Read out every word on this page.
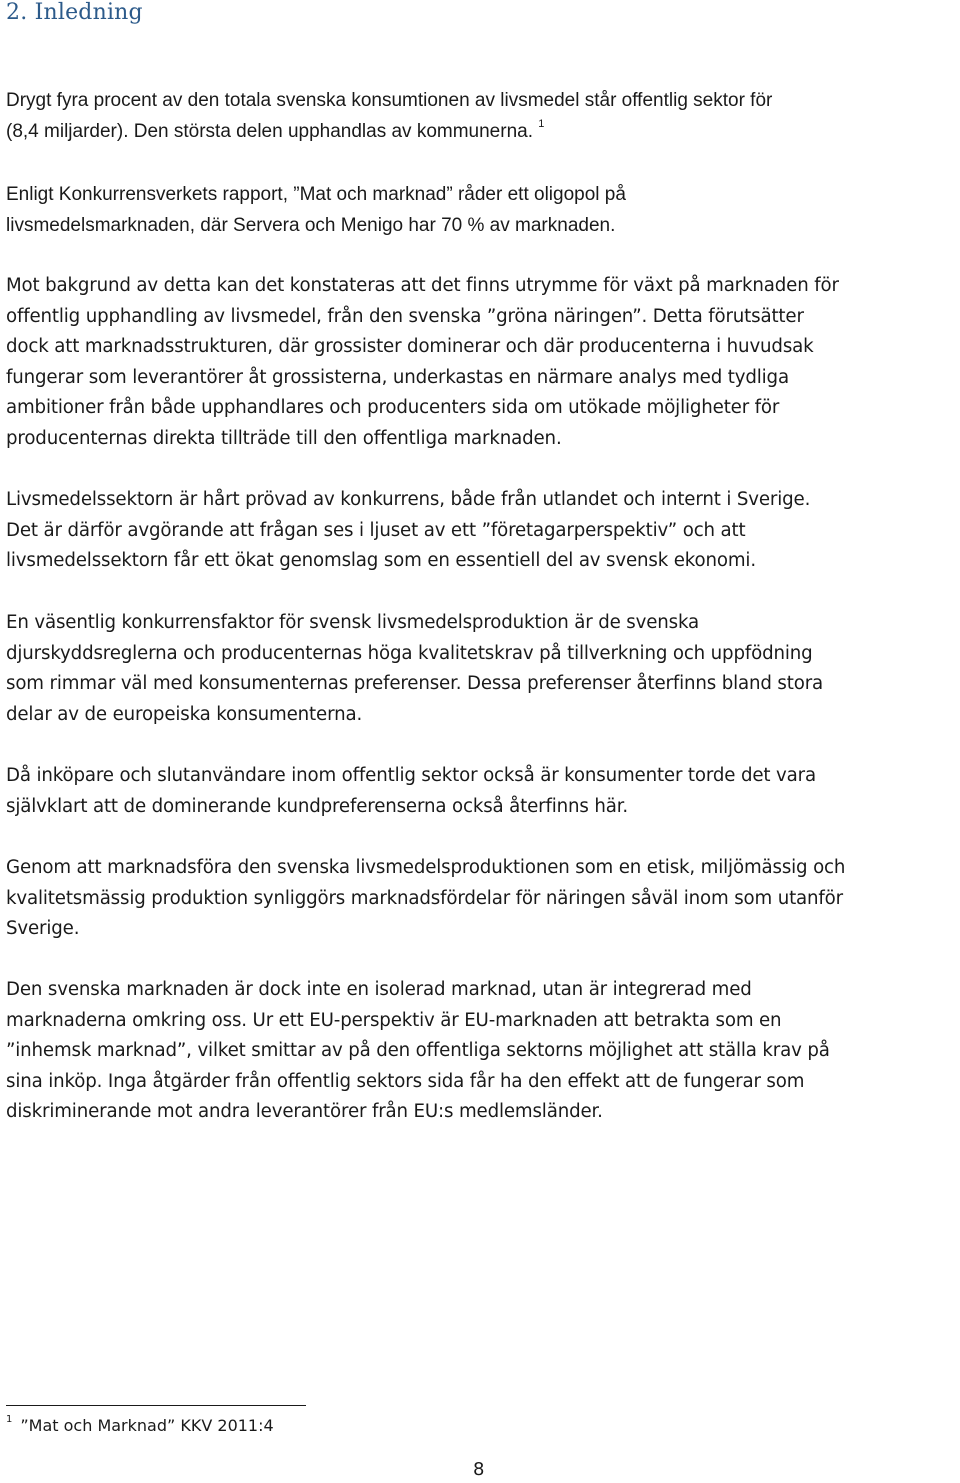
2. Inledning

Drygt fyra procent av den totala svenska konsumtionen av livsmedel står offentlig sektor för
(8,4 miljarder). Den största delen upphandlas av kommunerna. $^1$

Enligt Konkurrensverkets rapport, ”Mat och marknad” råder ett oligopol på
livsmedelsmarknaden, där Servera och Menigo har 70 % av marknaden.

Mot bakgrund av detta kan det konstateras att det finns utrymme för växt på marknaden för
offentlig upphandling av livsmedel, från den svenska ”gröna näringen”. Detta förutsätter
dock att marknadsstrukturen, där grossister dominerar och där producenterna i huvudsak
fungerar som leverantörer åt grossisterna, underkastas en närmare analys med tydliga
ambitioner från både upphandlares och producenters sida om utökade möjligheter för
producenternas direkta tillträde till den offentliga marknaden.

Livsmedelssektorn är hårt prövad av konkurrens, både från utlandet och internt i Sverige.
Det är därför avgörande att frågan ses i ljuset av ett ”företagarperspektiv” och att
livsmedelssektorn får ett ökat genomslag som en essentiell del av svensk ekonomi.

En väsentlig konkurrensfaktor för svensk livsmedelsproduktion är de svenska
djurskyddsreglerna och producenternas höga kvalitetskrav på tillverkning och uppfödning
som rimmar väl med konsumenternas preferenser. Dessa preferenser återfinns bland stora
delar av de europeiska konsumenterna.

Då inköpare och slutanvändare inom offentlig sektor också är konsumenter torde det vara
självklart att de dominerande kundpreferenserna också återfinns här.

Genom att marknadsföra den svenska livsmedelsproduktionen som en etisk, miljömässig och
kvalitetsmässig produktion synliggörs marknadsfördelar för näringen såväl inom som utanför
Sverige.

Den svenska marknaden är dock inte en isolerad marknad, utan är integrerad med
marknaderna omkring oss. Ur ett EU-perspektiv är EU-marknaden att betrakta som en
”inhemsk marknad”, vilket smittar av på den offentliga sektorns möjlighet att ställa krav på
sina inköp. Inga åtgärder från offentlig sektors sida får ha den effekt att de fungerar som
diskriminerande mot andra leverantörer från EU:s medlemsländer.

$^1$ ”Mat och Marknad” KKV 2011:4
8
